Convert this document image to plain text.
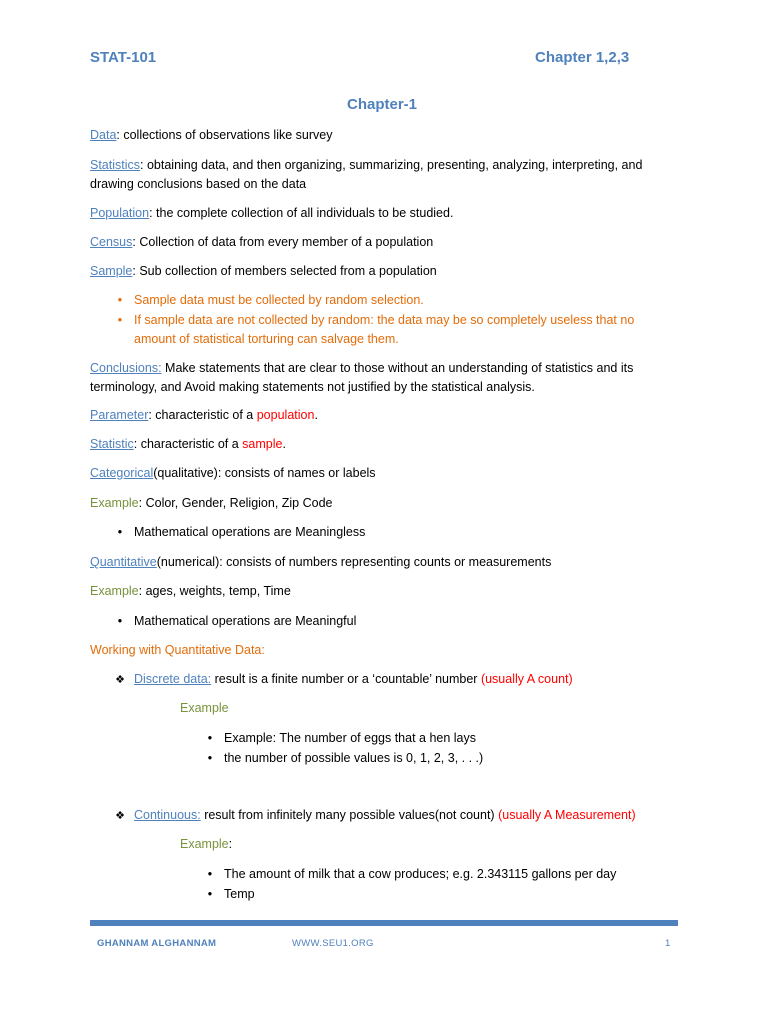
STAT-101	Chapter 1,2,3
Chapter-1
Data: collections of observations like survey
Statistics: obtaining data, and then organizing, summarizing, presenting, analyzing, interpreting, and
drawing conclusions based on the data
Population: the complete collection of all individuals to be studied.
Census: Collection of data from every member of a population
Sample: Sub collection of members selected from a population
• Sample data must be collected by random selection.
• If sample data are not collected by random: the data may be so completely useless that no
amount of statistical torturing can salvage them.
Conclusions: Make statements that are clear to those without an understanding of statistics and its
terminology, and Avoid making statements not justified by the statistical analysis.
Parameter: characteristic of a population.
Statistic: characteristic of a sample.
Categorical(qualitative): consists of names or labels
Example: Color, Gender, Religion, Zip Code
• Mathematical operations are Meaningless
Quantitative(numerical): consists of numbers representing counts or measurements
Example: ages, weights, temp, Time
• Mathematical operations are Meaningful
Working with Quantitative Data:
❖ Discrete data: result is a finite number or a ‘countable’ number (usually A count)
Example
• Example: The number of eggs that a hen lays
• the number of possible values is 0, 1, 2, 3, . . .)
❖ Continuous: result from infinitely many possible values(not count) (usually A Measurement)
Example:
• The amount of milk that a cow produces; e.g. 2.343115 gallons per day
• Temp
GHANNAM ALGHANNAM	WWW.SEU1.ORG	1
